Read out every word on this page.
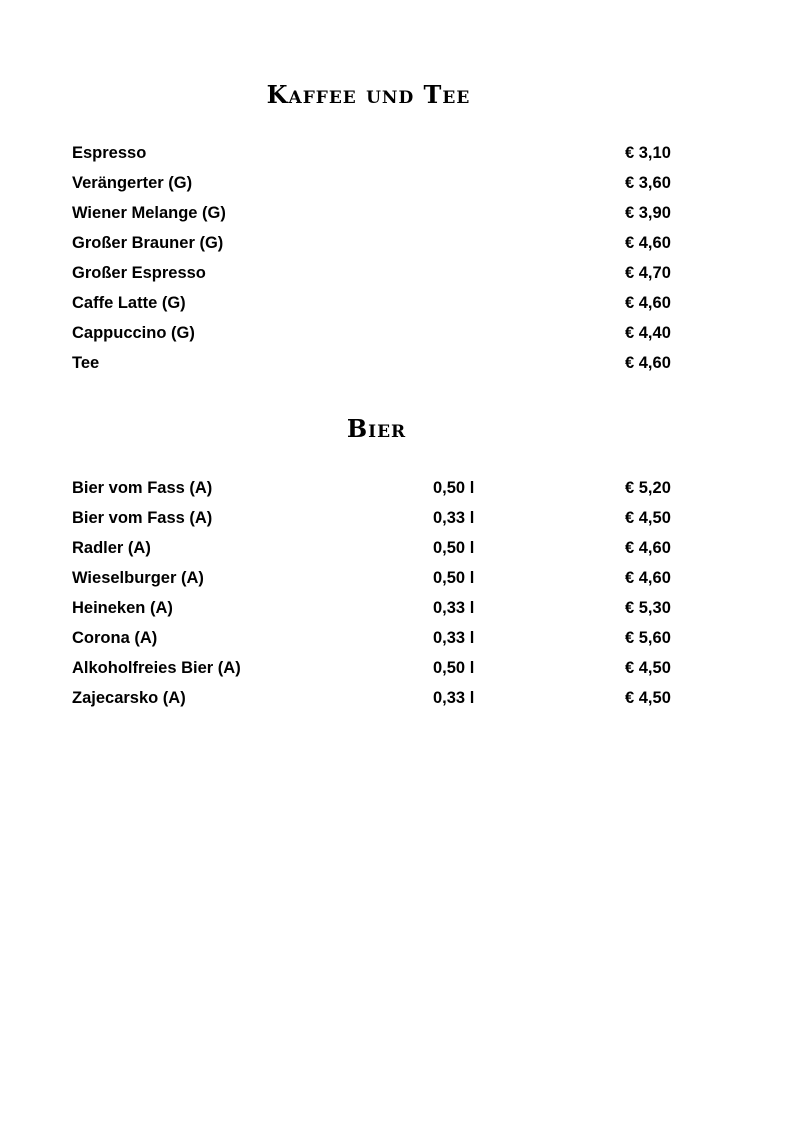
Kaffee und Tee
Espresso	€ 3,10
Verängerter (G)	€ 3,60
Wiener Melange (G)	€ 3,90
Großer Brauner (G)	€ 4,60
Großer Espresso	€ 4,70
Caffe Latte (G)	€ 4,60
Cappuccino (G)	€ 4,40
Tee	€ 4,60
Bier
Bier vom Fass (A)	0,50 l	€ 5,20
Bier vom Fass (A)	0,33 l	€ 4,50
Radler (A)	0,50 l	€ 4,60
Wieselburger (A)	0,50 l	€ 4,60
Heineken (A)	0,33 l	€ 5,30
Corona (A)	0,33 l	€ 5,60
Alkoholfreies Bier (A)	0,50 l	€ 4,50
Zajecarsko (A)	0,33 l	€ 4,50
